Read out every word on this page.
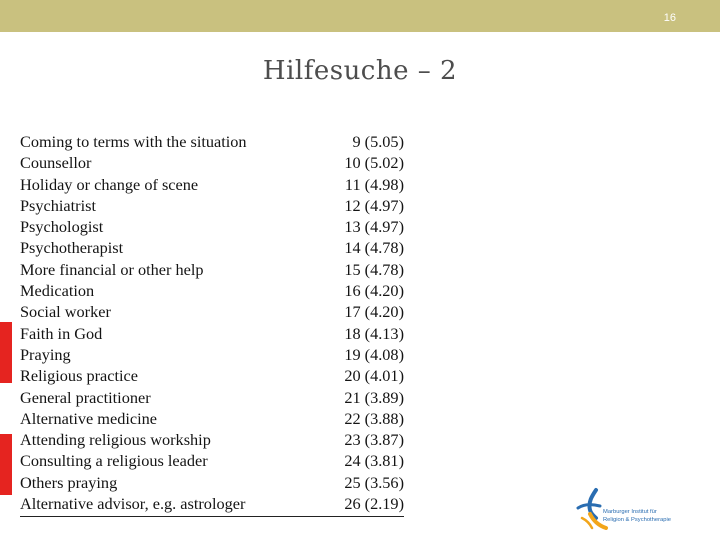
16
Hilfesuche – 2
Coming to terms with the situation	9 (5.05)
Counsellor	10 (5.02)
Holiday or change of scene	11 (4.98)
Psychiatrist	12 (4.97)
Psychologist	13 (4.97)
Psychotherapist	14 (4.78)
More financial or other help	15 (4.78)
Medication	16 (4.20)
Social worker	17 (4.20)
Faith in God	18 (4.13)
Praying	19 (4.08)
Religious practice	20 (4.01)
General practitioner	21 (3.89)
Alternative medicine	22 (3.88)
Attending religious workship	23 (3.87)
Consulting a religious leader	24 (3.81)
Others praying	25 (3.56)
Alternative advisor, e.g. astrologer	26 (2.19)	Marburger Institut für
Religion & Psychotherapie
